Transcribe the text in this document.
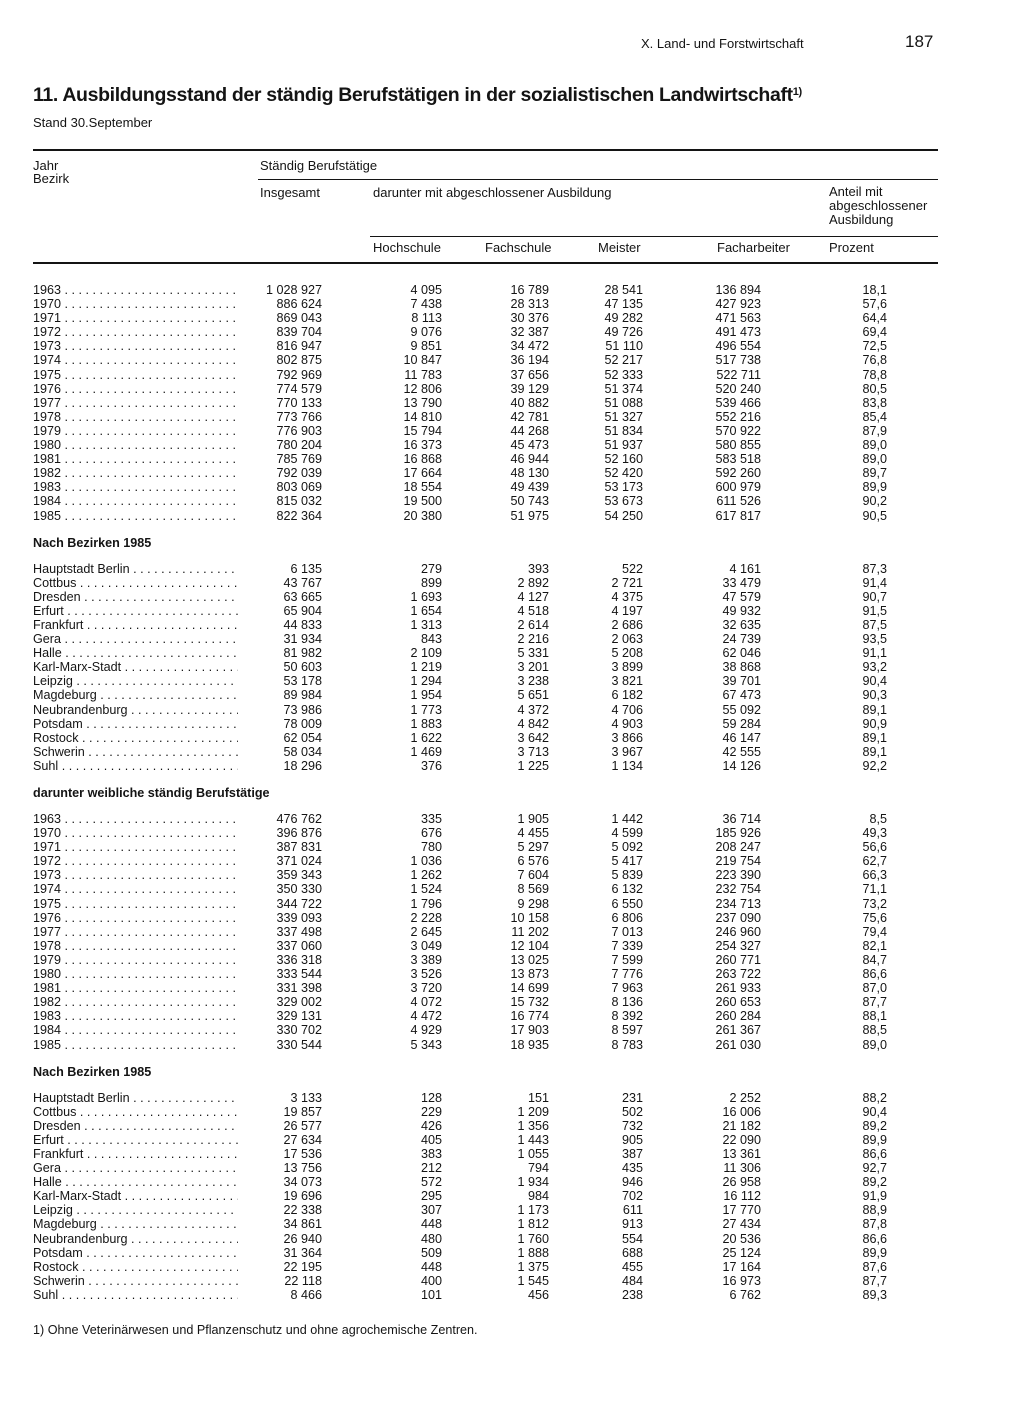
X. Land- und Forstwirtschaft	187
11. Ausbildungsstand der ständig Berufstätigen in der sozialistischen Landwirtschaft$^{1)}$
Stand 30.September
Jahr
Bezirk
Ständig Berufstätige
Insgesamt	darunter mit abgeschlossener Ausbildung	Anteil mit
abgeschlossener
Ausbildung
Hochschule	Fachschule	Meister	Facharbeiter	Prozent
1963 . . .	1 028 927	4 095	16 789	28 541	136 894	18,1
1970 . . .	886 624	7 438	28 313	47 135	427 923	57,6
1971 . . .	869 043	8 113	30 376	49 282	471 563	64,4
1972 . . .	839 704	9 076	32 387	49 726	491 473	69,4
1973 . . .	816 947	9 851	34 472	51 110	496 554	72,5
1974 . . .	802 875	10 847	36 194	52 217	517 738	76,8
1975 . . .	792 969	11 783	37 656	52 333	522 711	78,8
1976 . . .	774 579	12 806	39 129	51 374	520 240	80,5
1977 . . .	770 133	13 790	40 882	51 088	539 466	83,8
1978 . . .	773 766	14 810	42 781	51 327	552 216	85,4
1979 . . .	776 903	15 794	44 268	51 834	570 922	87,9
1980 . . .	780 204	16 373	45 473	51 937	580 855	89,0
1981 . . .	785 769	16 868	46 944	52 160	583 518	89,0
1982 . . .	792 039	17 664	48 130	52 420	592 260	89,7
1983 . . .	803 069	18 554	49 439	53 173	600 979	89,9
1984 . . .	815 032	19 500	50 743	53 673	611 526	90,2
1985 . . .	822 364	20 380	51 975	54 250	617 817	90,5
Nach Bezirken 1985
Hauptstadt Berlin . . .	6 135	279	393	522	4 161	87,3
Cottbus . . .	43 767	899	2 892	2 721	33 479	91,4
Dresden . . .	63 665	1 693	4 127	4 375	47 579	90,7
Erfurt . . .	65 904	1 654	4 518	4 197	49 932	91,5
Frankfurt . . .	44 833	1 313	2 614	2 686	32 635	87,5
Gera . . .	31 934	843	2 216	2 063	24 739	93,5
Halle . . .	81 982	2 109	5 331	5 208	62 046	91,1
Karl-Marx-Stadt . . .	50 603	1 219	3 201	3 899	38 868	93,2
Leipzig . . .	53 178	1 294	3 238	3 821	39 701	90,4
Magdeburg . . .	89 984	1 954	5 651	6 182	67 473	90,3
Neubrandenburg . . .	73 986	1 773	4 372	4 706	55 092	89,1
Potsdam . . .	78 009	1 883	4 842	4 903	59 284	90,9
Rostock . . .	62 054	1 622	3 642	3 866	46 147	89,1
Schwerin . . .	58 034	1 469	3 713	3 967	42 555	89,1
Suhl . . .	18 296	376	1 225	1 134	14 126	92,2
darunter weibliche ständig Berufstätige
1963 . . .	476 762	335	1 905	1 442	36 714	8,5
1970 . . .	396 876	676	4 455	4 599	185 926	49,3
1971 . . .	387 831	780	5 297	5 092	208 247	56,6
1972 . . .	371 024	1 036	6 576	5 417	219 754	62,7
1973 . . .	359 343	1 262	7 604	5 839	223 390	66,3
1974 . . .	350 330	1 524	8 569	6 132	232 754	71,1
1975 . . .	344 722	1 796	9 298	6 550	234 713	73,2
1976 . . .	339 093	2 228	10 158	6 806	237 090	75,6
1977 . . .	337 498	2 645	11 202	7 013	246 960	79,4
1978 . . .	337 060	3 049	12 104	7 339	254 327	82,1
1979 . . .	336 318	3 389	13 025	7 599	260 771	84,7
1980 . . .	333 544	3 526	13 873	7 776	263 722	86,6
1981 . . .	331 398	3 720	14 699	7 963	261 933	87,0
1982 . . .	329 002	4 072	15 732	8 136	260 653	87,7
1983 . . .	329 131	4 472	16 774	8 392	260 284	88,1
1984 . . .	330 702	4 929	17 903	8 597	261 367	88,5
1985 . . .	330 544	5 343	18 935	8 783	261 030	89,0
Nach Bezirken 1985
Hauptstadt Berlin . . .	3 133	128	151	231	2 252	88,2
Cottbus . . .	19 857	229	1 209	502	16 006	90,4
Dresden . . .	26 577	426	1 356	732	21 182	89,2
Erfurt . . .	27 634	405	1 443	905	22 090	89,9
Frankfurt . . .	17 536	383	1 055	387	13 361	86,6
Gera . . .	13 756	212	794	435	11 306	92,7
Halle . . .	34 073	572	1 934	946	26 958	89,2
Karl-Marx-Stadt . . .	19 696	295	984	702	16 112	91,9
Leipzig . . .	22 338	307	1 173	611	17 770	88,9
Magdeburg . . .	34 861	448	1 812	913	27 434	87,8
Neubrandenburg . . .	26 940	480	1 760	554	20 536	86,6
Potsdam . . .	31 364	509	1 888	688	25 124	89,9
Rostock . . .	22 195	448	1 375	455	17 164	87,6
Schwerin . . .	22 118	400	1 545	484	16 973	87,7
Suhl . . .	8 466	101	456	238	6 762	89,3
1) Ohne Veterinärwesen und Pflanzenschutz und ohne agrochemische Zentren.
